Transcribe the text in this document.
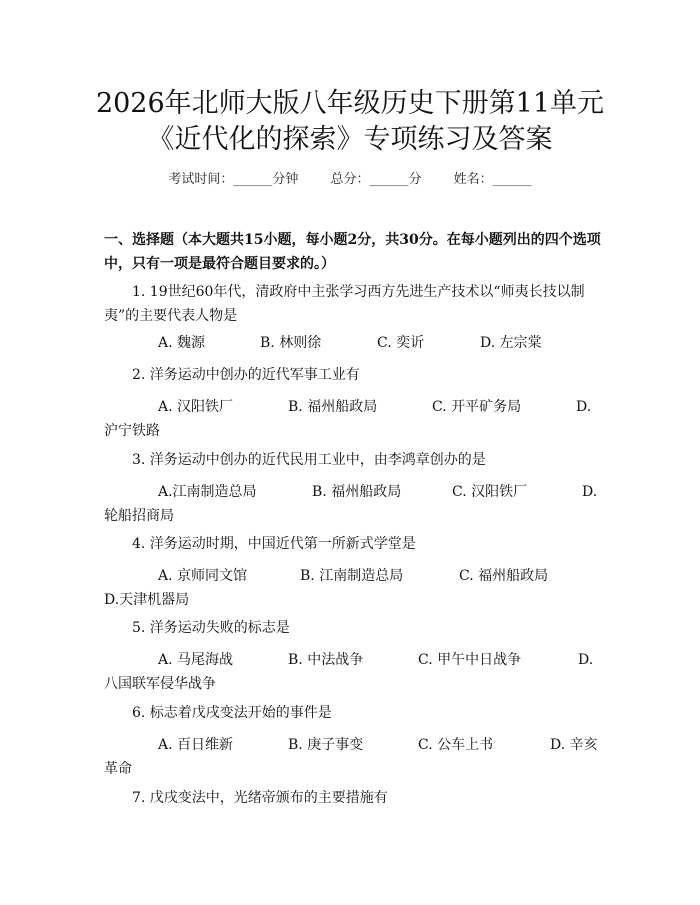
2026年北师大版八年级历史下册第11单元
《近代化的探索》专项练习及答案
考试时间：______分钟 总分：______分 姓名：______
一、选择题（本大题共15小题，每小题2分，共30分。在每小题列出的四个选项中，只有一项是最符合题目要求的。）
1. 19世纪60年代，清政府中主张学习西方先进生产技术以“师夷长技以制夷”的主要代表人物是
A. 魏源	B. 林则徐	C. 奕䜣	D. 左宗棠
2. 洋务运动中创办的近代军事工业有
A. 汉阳铁厂	B. 福州船政局	C. 开平矿务局	D.
沪宁铁路
3. 洋务运动中创办的近代民用工业中，由李鸿章创办的是
A.江南制造总局	B. 福州船政局	C. 汉阳铁厂	D.
轮船招商局
4. 洋务运动时期，中国近代第一所新式学堂是
A. 京师同文馆	B. 江南制造总局	C. 福州船政局
D.天津机器局
5. 洋务运动失败的标志是
A. 马尾海战	B. 中法战争	C. 甲午中日战争	D.
八国联军侵华战争
6. 标志着戊戌变法开始的事件是
A. 百日维新	B. 庚子事变	C. 公车上书	D. 辛亥
革命
7. 戊戌变法中，光绪帝颁布的主要措施有
